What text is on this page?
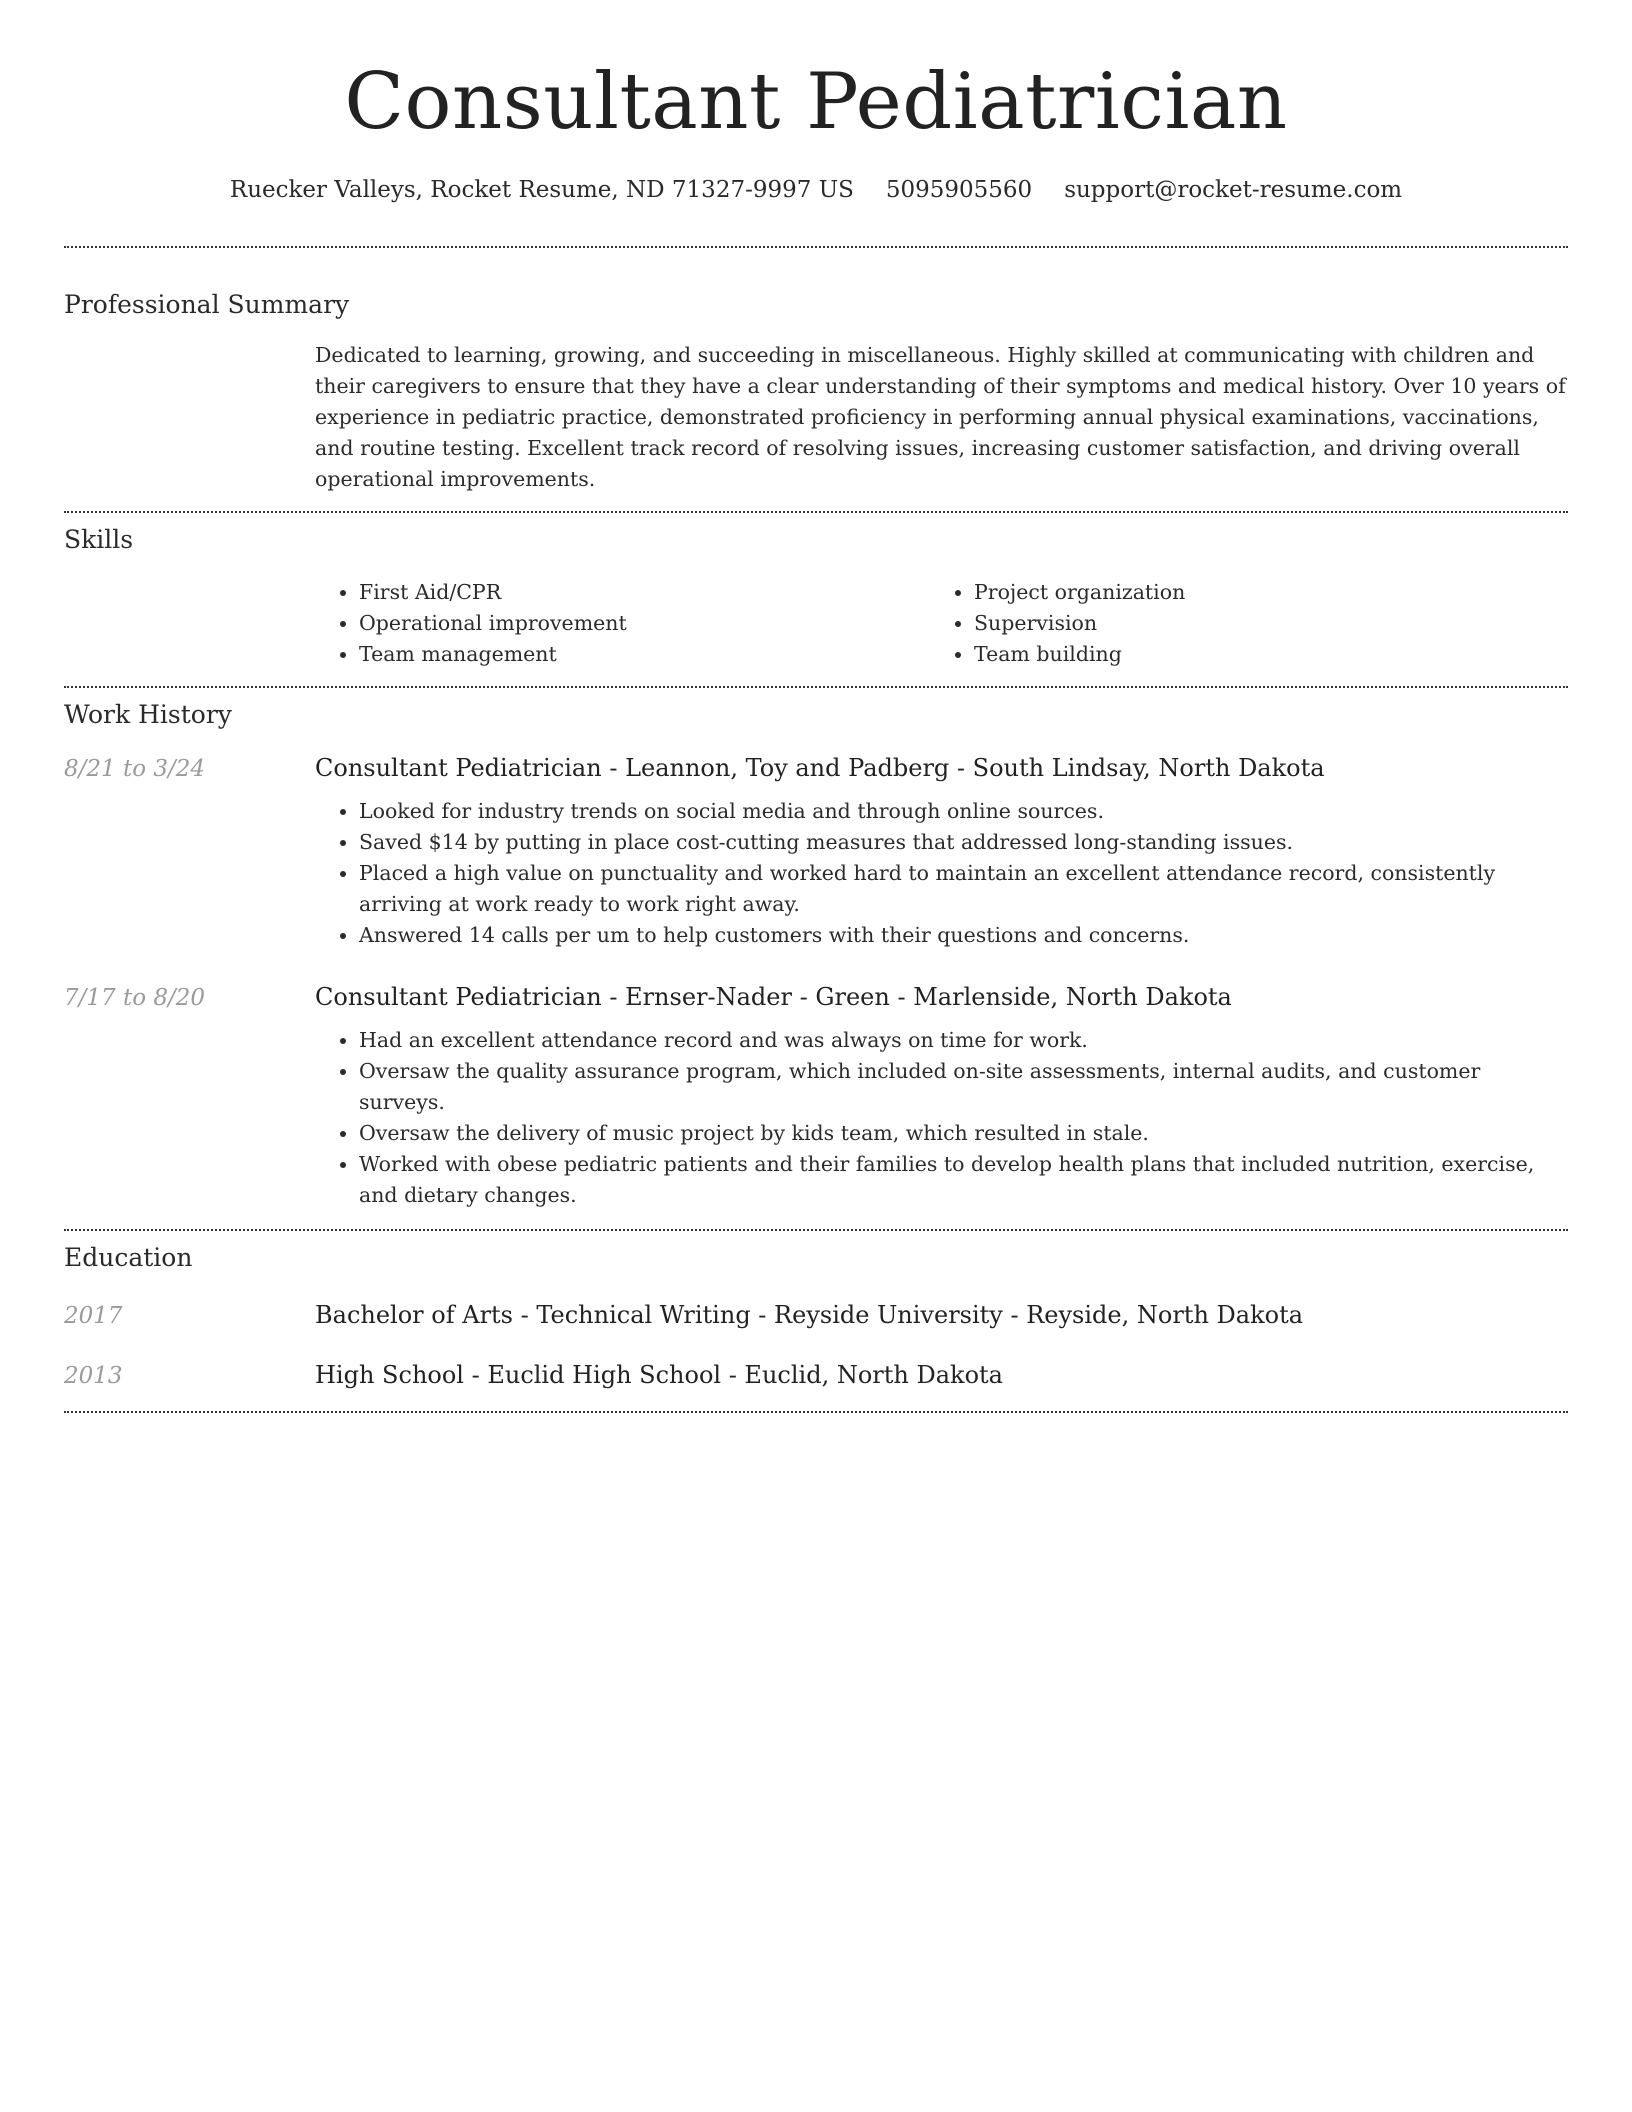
Consultant Pediatrician
Ruecker Valleys, Rocket Resume, ND 71327-9997 US 5095905560 support@rocket-resume.com
Professional Summary

Dedicated to learning, growing, and succeeding in miscellaneous. Highly skilled at communicating with children and their caregivers to ensure that they have a clear understanding of their symptoms and medical history. Over 10 years of experience in pediatric practice, demonstrated proficiency in performing annual physical examinations, vaccinations, and routine testing. Excellent track record of resolving issues, increasing customer satisfaction, and driving overall operational improvements.

Skills
• First Aid/CPR
• Operational improvement
• Team management
• Project organization
• Supervision
• Team building
Work History
8/21 to 3/24	Consultant Pediatrician - Leannon, Toy and Padberg - South Lindsay, North Dakota
• Looked for industry trends on social media and through online sources.
• Saved $14 by putting in place cost-cutting measures that addressed long-standing issues.
• Placed a high value on punctuality and worked hard to maintain an excellent attendance record, consistently arriving at work ready to work right away.
• Answered 14 calls per um to help customers with their questions and concerns.
7/17 to 8/20	Consultant Pediatrician - Ernser-Nader - Green - Marlenside, North Dakota
• Had an excellent attendance record and was always on time for work.
• Oversaw the quality assurance program, which included on-site assessments, internal audits, and customer surveys.
• Oversaw the delivery of music project by kids team, which resulted in stale.
• Worked with obese pediatric patients and their families to develop health plans that included nutrition, exercise, and dietary changes.
Education
2017	Bachelor of Arts - Technical Writing - Reyside University - Reyside, North Dakota
2013	High School - Euclid High School - Euclid, North Dakota
